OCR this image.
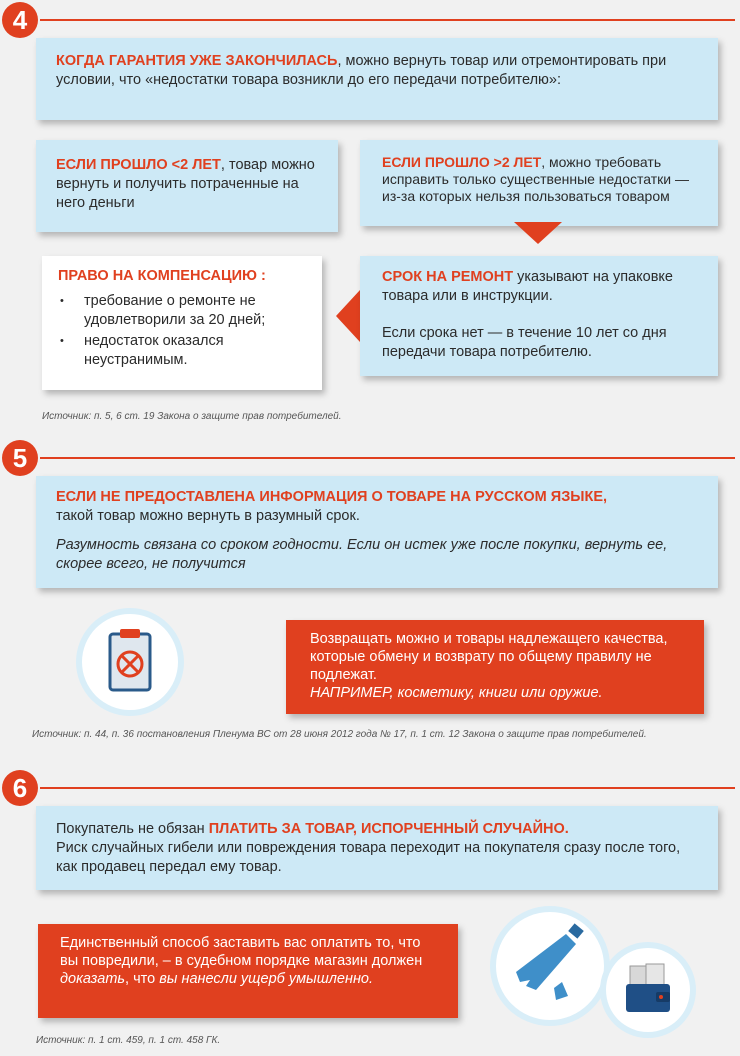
4
КОГДА ГАРАНТИЯ УЖЕ ЗАКОНЧИЛАСЬ, можно вернуть товар или отремонтировать при условии, что «недостатки товара возникли до его передачи потребителю»:
ЕСЛИ ПРОШЛО <2 ЛЕТ, товар можно вернуть и получить потраченные на него деньги
ЕСЛИ ПРОШЛО >2 ЛЕТ, можно требовать исправить только существенные недостатки — из-за которых нельзя пользоваться товаром
ПРАВО НА КОМПЕНСАЦИЮ :
• требование о ремонте не удовлетворили за 20 дней;
• недостаток оказался неустранимым.
СРОК НА РЕМОНТ указывают на упаковке товара или в инструкции.
Если срока нет — в течение 10 лет со дня передачи товара потребителю.
Источник: п. 5, 6 ст. 19 Закона о защите прав потребителей.
5
ЕСЛИ НЕ ПРЕДОСТАВЛЕНА ИНФОРМАЦИЯ О ТОВАРЕ НА РУССКОМ ЯЗЫКЕ,
такой товар можно вернуть в разумный срок.
Разумность связана со сроком годности. Если он истек уже после покупки, вернуть ее, скорее всего, не получится
Возвращать можно и товары надлежащего качества, которые обмену и возврату по общему правилу не подлежат.
НАПРИМЕР, косметику, книги или оружие.
Источник: п. 44, п. 36 постановления Пленума ВС от 28 июня 2012 года № 17, п. 1 ст. 12 Закона о защите прав потребителей.
6
Покупатель не обязан ПЛАТИТЬ ЗА ТОВАР, ИСПОРЧЕННЫЙ СЛУЧАЙНО.
Риск случайных гибели или повреждения товара переходит на покупателя сразу после того, как продавец передал ему товар.
Единственный способ заставить вас оплатить то, что вы повредили, – в судебном порядке магазин должен доказать, что вы нанесли ущерб умышленно.
Источник: п. 1 ст. 459, п. 1 ст. 458 ГК.
